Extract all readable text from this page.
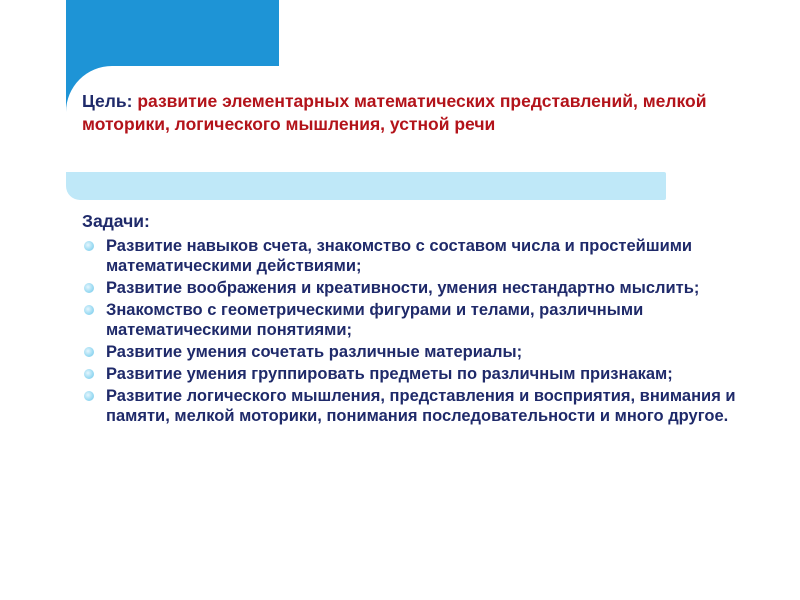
Цель: развитие элементарных математических представлений, мелкой моторики, логического мышления, устной речи
Задачи:
Развитие навыков счета, знакомство с составом числа и простейшими математическими действиями;
Развитие воображения и креативности, умения нестандартно мыслить;
Знакомство с геометрическими фигурами и телами, различными математическими понятиями;
Развитие умения сочетать различные материалы;
Развитие умения группировать предметы по различным признакам;
Развитие логического мышления, представления и восприятия, внимания и памяти, мелкой моторики, понимания последовательности и много другое.
